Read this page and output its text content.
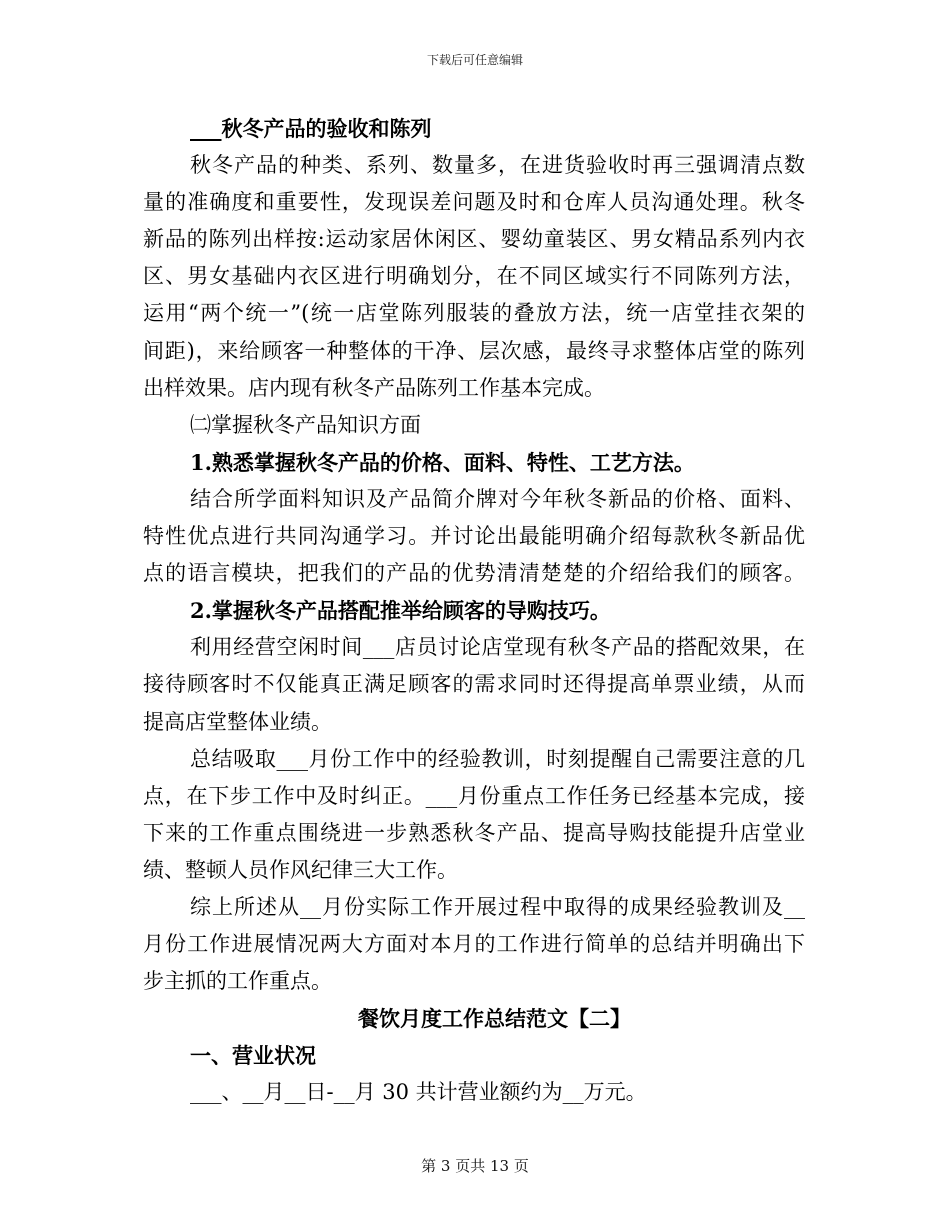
下载后可任意编辑
___秋冬产品的验收和陈列
秋冬产品的种类、系列、数量多，在进货验收时再三强调清点数
量的准确度和重要性，发现误差问题及时和仓库人员沟通处理。秋冬
新品的陈列出样按:运动家居休闲区、婴幼童装区、男女精品系列内衣
区、男女基础内衣区进行明确划分，在不同区域实行不同陈列方法，
运用“两个统一”(统一店堂陈列服装的叠放方法，统一店堂挂衣架的
间距)，来给顾客一种整体的干净、层次感，最终寻求整体店堂的陈列
出样效果。店内现有秋冬产品陈列工作基本完成。
㈡掌握秋冬产品知识方面
1.熟悉掌握秋冬产品的价格、面料、特性、工艺方法。
结合所学面料知识及产品简介牌对今年秋冬新品的价格、面料、
特性优点进行共同沟通学习。并讨论出最能明确介绍每款秋冬新品优
点的语言模块，把我们的产品的优势清清楚楚的介绍给我们的顾客。
2.掌握秋冬产品搭配推举给顾客的导购技巧。
利用经营空闲时间___店员讨论店堂现有秋冬产品的搭配效果，在
接待顾客时不仅能真正满足顾客的需求同时还得提高单票业绩，从而
提高店堂整体业绩。
总结吸取___月份工作中的经验教训，时刻提醒自己需要注意的几
点，在下步工作中及时纠正。___月份重点工作任务已经基本完成，接
下来的工作重点围绕进一步熟悉秋冬产品、提高导购技能提升店堂业
绩、整顿人员作风纪律三大工作。
综上所述从__月份实际工作开展过程中取得的成果经验教训及__
月份工作进展情况两大方面对本月的工作进行简单的总结并明确出下
步主抓的工作重点。
餐饮月度工作总结范文【二】
一、营业状况
___、__月__日-__月 30 共计营业额约为__万元。
第 3 页共 13 页
